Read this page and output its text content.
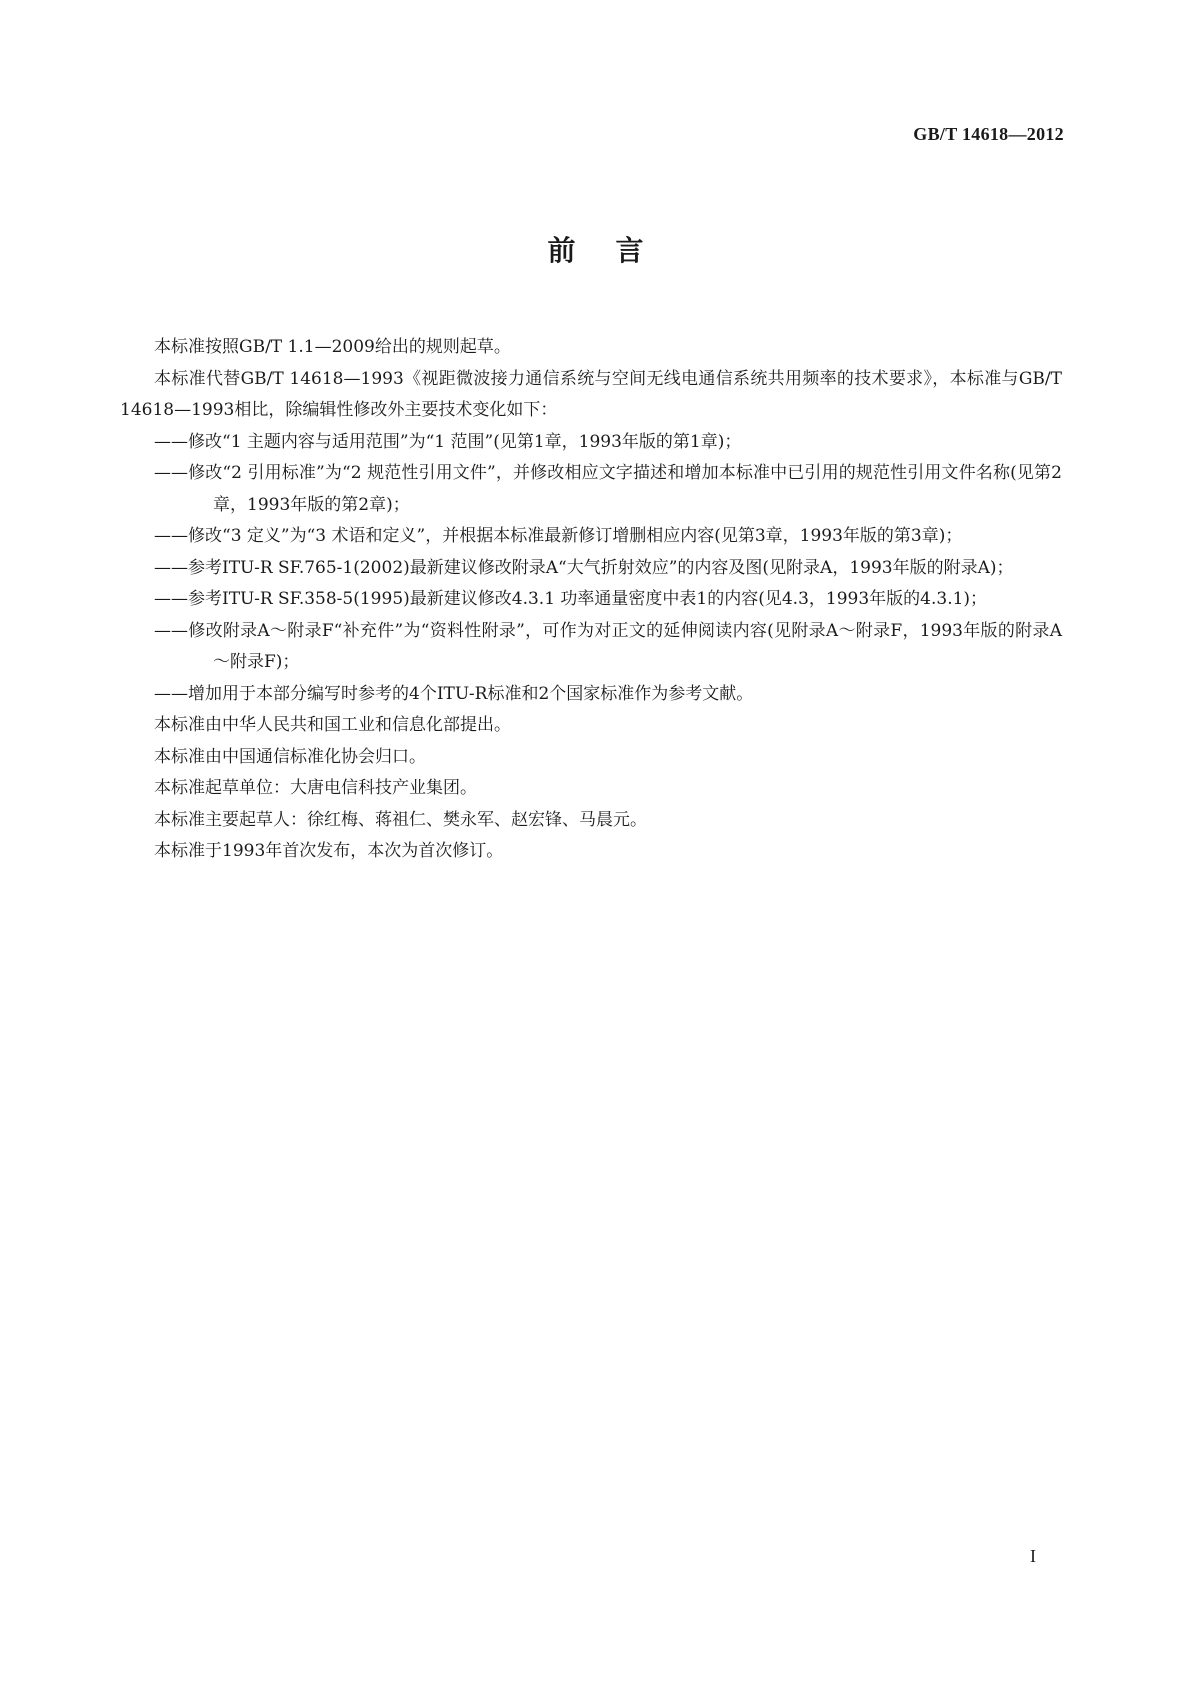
GB/T 14618—2012
前言

本标准按照GB/T 1.1—2009给出的规则起草。

本标准代替GB/T 14618—1993《视距微波接力通信系统与空间无线电通信系统共用频率的技术要求》，本标准与GB/T 14618—1993相比，除编辑性修改外主要技术变化如下：

——修改“1 主题内容与适用范围”为“1 范围”(见第1章，1993年版的第1章)；

——修改“2 引用标准”为“2 规范性引用文件”，并修改相应文字描述和增加本标准中已引用的规范性引用文件名称(见第2章，1993年版的第2章)；

——修改“3 定义”为“3 术语和定义”，并根据本标准最新修订增删相应内容(见第3章，1993年版的第3章)；

——参考ITU-R SF.765-1(2002)最新建议修改附录A“大气折射效应”的内容及图(见附录A，1993年版的附录A)；

——参考ITU-R SF.358-5(1995)最新建议修改4.3.1 功率通量密度中表1的内容(见4.3，1993年版的4.3.1)；

——修改附录A～附录F“补充件”为“资料性附录”，可作为对正文的延伸阅读内容(见附录A～附录F，1993年版的附录A～附录F)；

——增加用于本部分编写时参考的4个ITU-R标准和2个国家标准作为参考文献。

本标准由中华人民共和国工业和信息化部提出。

本标准由中国通信标准化协会归口。

本标准起草单位：大唐电信科技产业集团。

本标准主要起草人：徐红梅、蒋祖仁、樊永军、赵宏锋、马晨元。

本标准于1993年首次发布，本次为首次修订。

I
